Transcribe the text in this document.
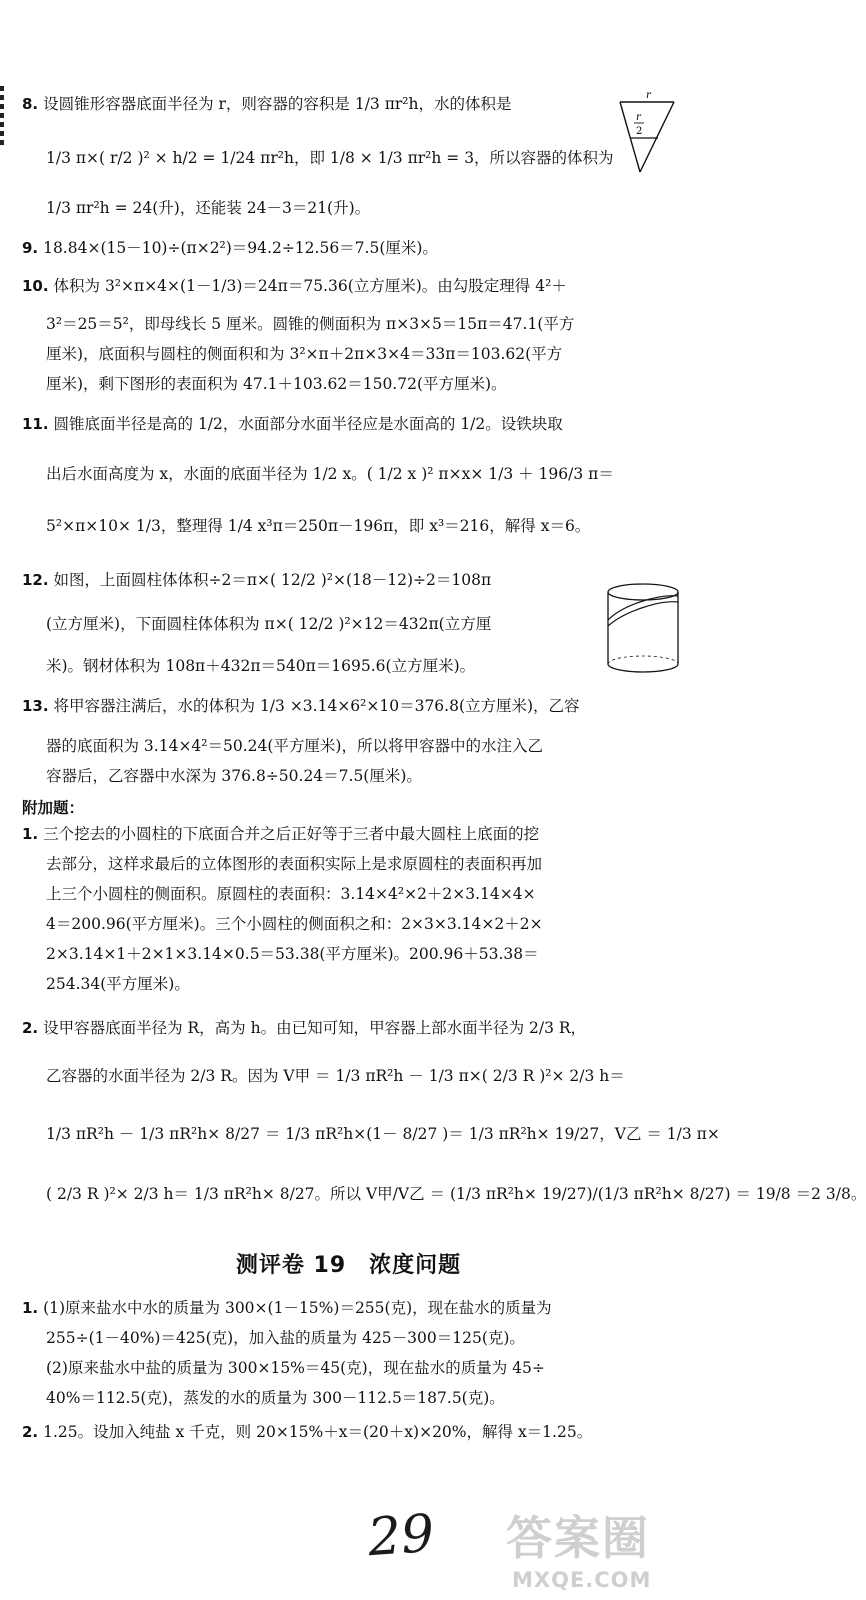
8. 设圆锥形容器底面半径为 r，则容器的容积是 1/3 πr²h，水的体积是
1/3 π×( r/2 )² × h/2 = 1/24 πr²h，即 1/8 × 1/3 πr²h = 3，所以容器的体积为
1/3 πr²h = 24(升)，还能装 24－3＝21(升)。
9. 18.84×(15－10)÷(π×2²)＝94.2÷12.56＝7.5(厘米)。
10. 体积为 3²×π×4×(1－1/3)＝24π＝75.36(立方厘米)。由勾股定理得 4²＋
3²＝25＝5²，即母线长 5 厘米。圆锥的侧面积为 π×3×5＝15π＝47.1(平方
厘米)，底面积与圆柱的侧面积和为 3²×π＋2π×3×4＝33π＝103.62(平方
厘米)，剩下图形的表面积为 47.1＋103.62＝150.72(平方厘米)。
11. 圆锥底面半径是高的 1/2，水面部分水面半径应是水面高的 1/2。设铁块取
出后水面高度为 x，水面的底面半径为 1/2 x。( 1/2 x )² π×x× 1/3 ＋ 196/3 π＝
5²×π×10× 1/3，整理得 1/4 x³π＝250π－196π，即 x³＝216，解得 x＝6。
12. 如图，上面圆柱体体积÷2＝π×( 12/2 )²×(18－12)÷2＝108π
(立方厘米)，下面圆柱体体积为 π×( 12/2 )²×12＝432π(立方厘
米)。钢材体积为 108π＋432π＝540π＝1695.6(立方厘米)。
13. 将甲容器注满后，水的体积为 1/3 ×3.14×6²×10＝376.8(立方厘米)，乙容
器的底面积为 3.14×4²＝50.24(平方厘米)，所以将甲容器中的水注入乙
容器后，乙容器中水深为 376.8÷50.24＝7.5(厘米)。
附加题：
1. 三个挖去的小圆柱的下底面合并之后正好等于三者中最大圆柱上底面的挖
去部分，这样求最后的立体图形的表面积实际上是求原圆柱的表面积再加
上三个小圆柱的侧面积。原圆柱的表面积：3.14×4²×2＋2×3.14×4×
4＝200.96(平方厘米)。三个小圆柱的侧面积之和：2×3×3.14×2＋2×
2×3.14×1＋2×1×3.14×0.5＝53.38(平方厘米)。200.96＋53.38＝
254.34(平方厘米)。
2. 设甲容器底面半径为 R，高为 h。由已知可知，甲容器上部水面半径为 2/3 R，
乙容器的水面半径为 2/3 R。因为 V甲 ＝ 1/3 πR²h － 1/3 π×( 2/3 R )²× 2/3 h＝
1/3 πR²h － 1/3 πR²h× 8/27 ＝ 1/3 πR²h×(1－ 8/27 )＝ 1/3 πR²h× 19/27，V乙 ＝ 1/3 π×
( 2/3 R )²× 2/3 h＝ 1/3 πR²h× 8/27。所以 V甲/V乙 ＝ (1/3 πR²h× 19/27)/(1/3 πR²h× 8/27) ＝ 19/8 ＝2 3/8。
测评卷 19　浓度问题
1. (1)原来盐水中水的质量为 300×(1－15%)＝255(克)，现在盐水的质量为
255÷(1－40%)＝425(克)，加入盐的质量为 425－300＝125(克)。
(2)原来盐水中盐的质量为 300×15%＝45(克)，现在盐水的质量为 45÷
40%＝112.5(克)，蒸发的水的质量为 300－112.5＝187.5(克)。
2. 1.25。设加入纯盐 x 千克，则 20×15%＋x＝(20＋x)×20%，解得 x＝1.25。
r
r
2
29 答案圈
MXQE.COM
